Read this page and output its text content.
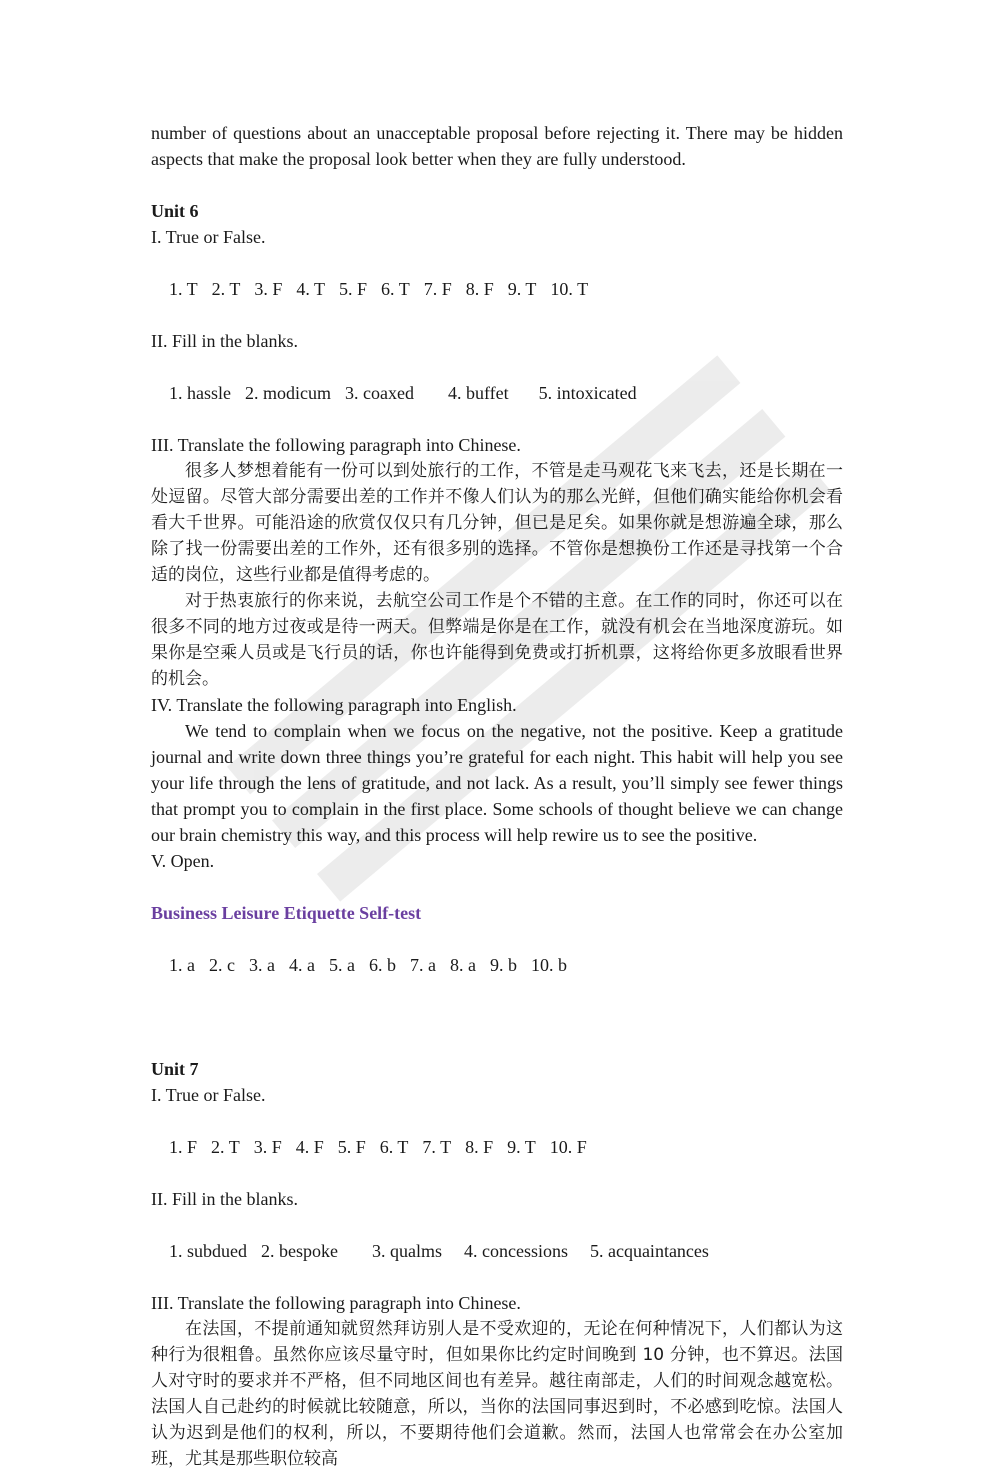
number of questions about an unacceptable proposal before rejecting it. There may be hidden aspects that make the proposal look better when they are fully understood.
Unit 6
I. True or False.

1. T 2. T 3. F 4. T 5. F 6. T 7. F 8. F 9. T 10. T

II. Fill in the blanks.

1. hassle 2. modicum 3. coaxed 4. buffet 5. intoxicated

III. Translate the following paragraph into Chinese.
很多人梦想着能有一份可以到处旅行的工作，不管是走马观花飞来飞去，还是长期在一处逗留。尽管大部分需要出差的工作并不像人们认为的那么光鲜，但他们确实能给你机会看看大千世界。可能沿途的欣赏仅仅只有几分钟，但已是足矣。如果你就是想游遍全球，那么除了找一份需要出差的工作外，还有很多别的选择。不管你是想换份工作还是寻找第一个合适的岗位，这些行业都是值得考虑的。
对于热衷旅行的你来说，去航空公司工作是个不错的主意。在工作的同时，你还可以在很多不同的地方过夜或是待一两天。但弊端是你是在工作，就没有机会在当地深度游玩。如果你是空乘人员或是飞行员的话，你也许能得到免费或打折机票，这将给你更多放眼看世界的机会。
IV. Translate the following paragraph into English.
We tend to complain when we focus on the negative, not the positive. Keep a gratitude journal and write down three things you’re grateful for each night. This habit will help you see your life through the lens of gratitude, and not lack. As a result, you’ll simply see fewer things that prompt you to complain in the first place. Some schools of thought believe we can change our brain chemistry this way, and this process will help rewire us to see the positive.
V. Open.
Business Leisure Etiquette Self-test

1. a 2. c 3. a 4. a 5. a 6. b 7. a 8. a 9. b 10. b

Unit 7
I. True or False.

1. F 2. T 3. F 4. F 5. F 6. T 7. T 8. F 9. T 10. F

II. Fill in the blanks.

1. subdued 2. bespoke 3. qualms 4. concessions 5. acquaintances

III. Translate the following paragraph into Chinese.
在法国，不提前通知就贸然拜访别人是不受欢迎的，无论在何种情况下，人们都认为这种行为很粗鲁。虽然你应该尽量守时，但如果你比约定时间晚到 10 分钟，也不算迟。法国人对守时的要求并不严格，但不同地区间也有差异。越往南部走，人们的时间观念越宽松。法国人自己赴约的时候就比较随意，所以，当你的法国同事迟到时，不必感到吃惊。法国人认为迟到是他们的权利，所以，不要期待他们会道歉。然而，法国人也常常会在办公室加班，尤其是那些职位较高
